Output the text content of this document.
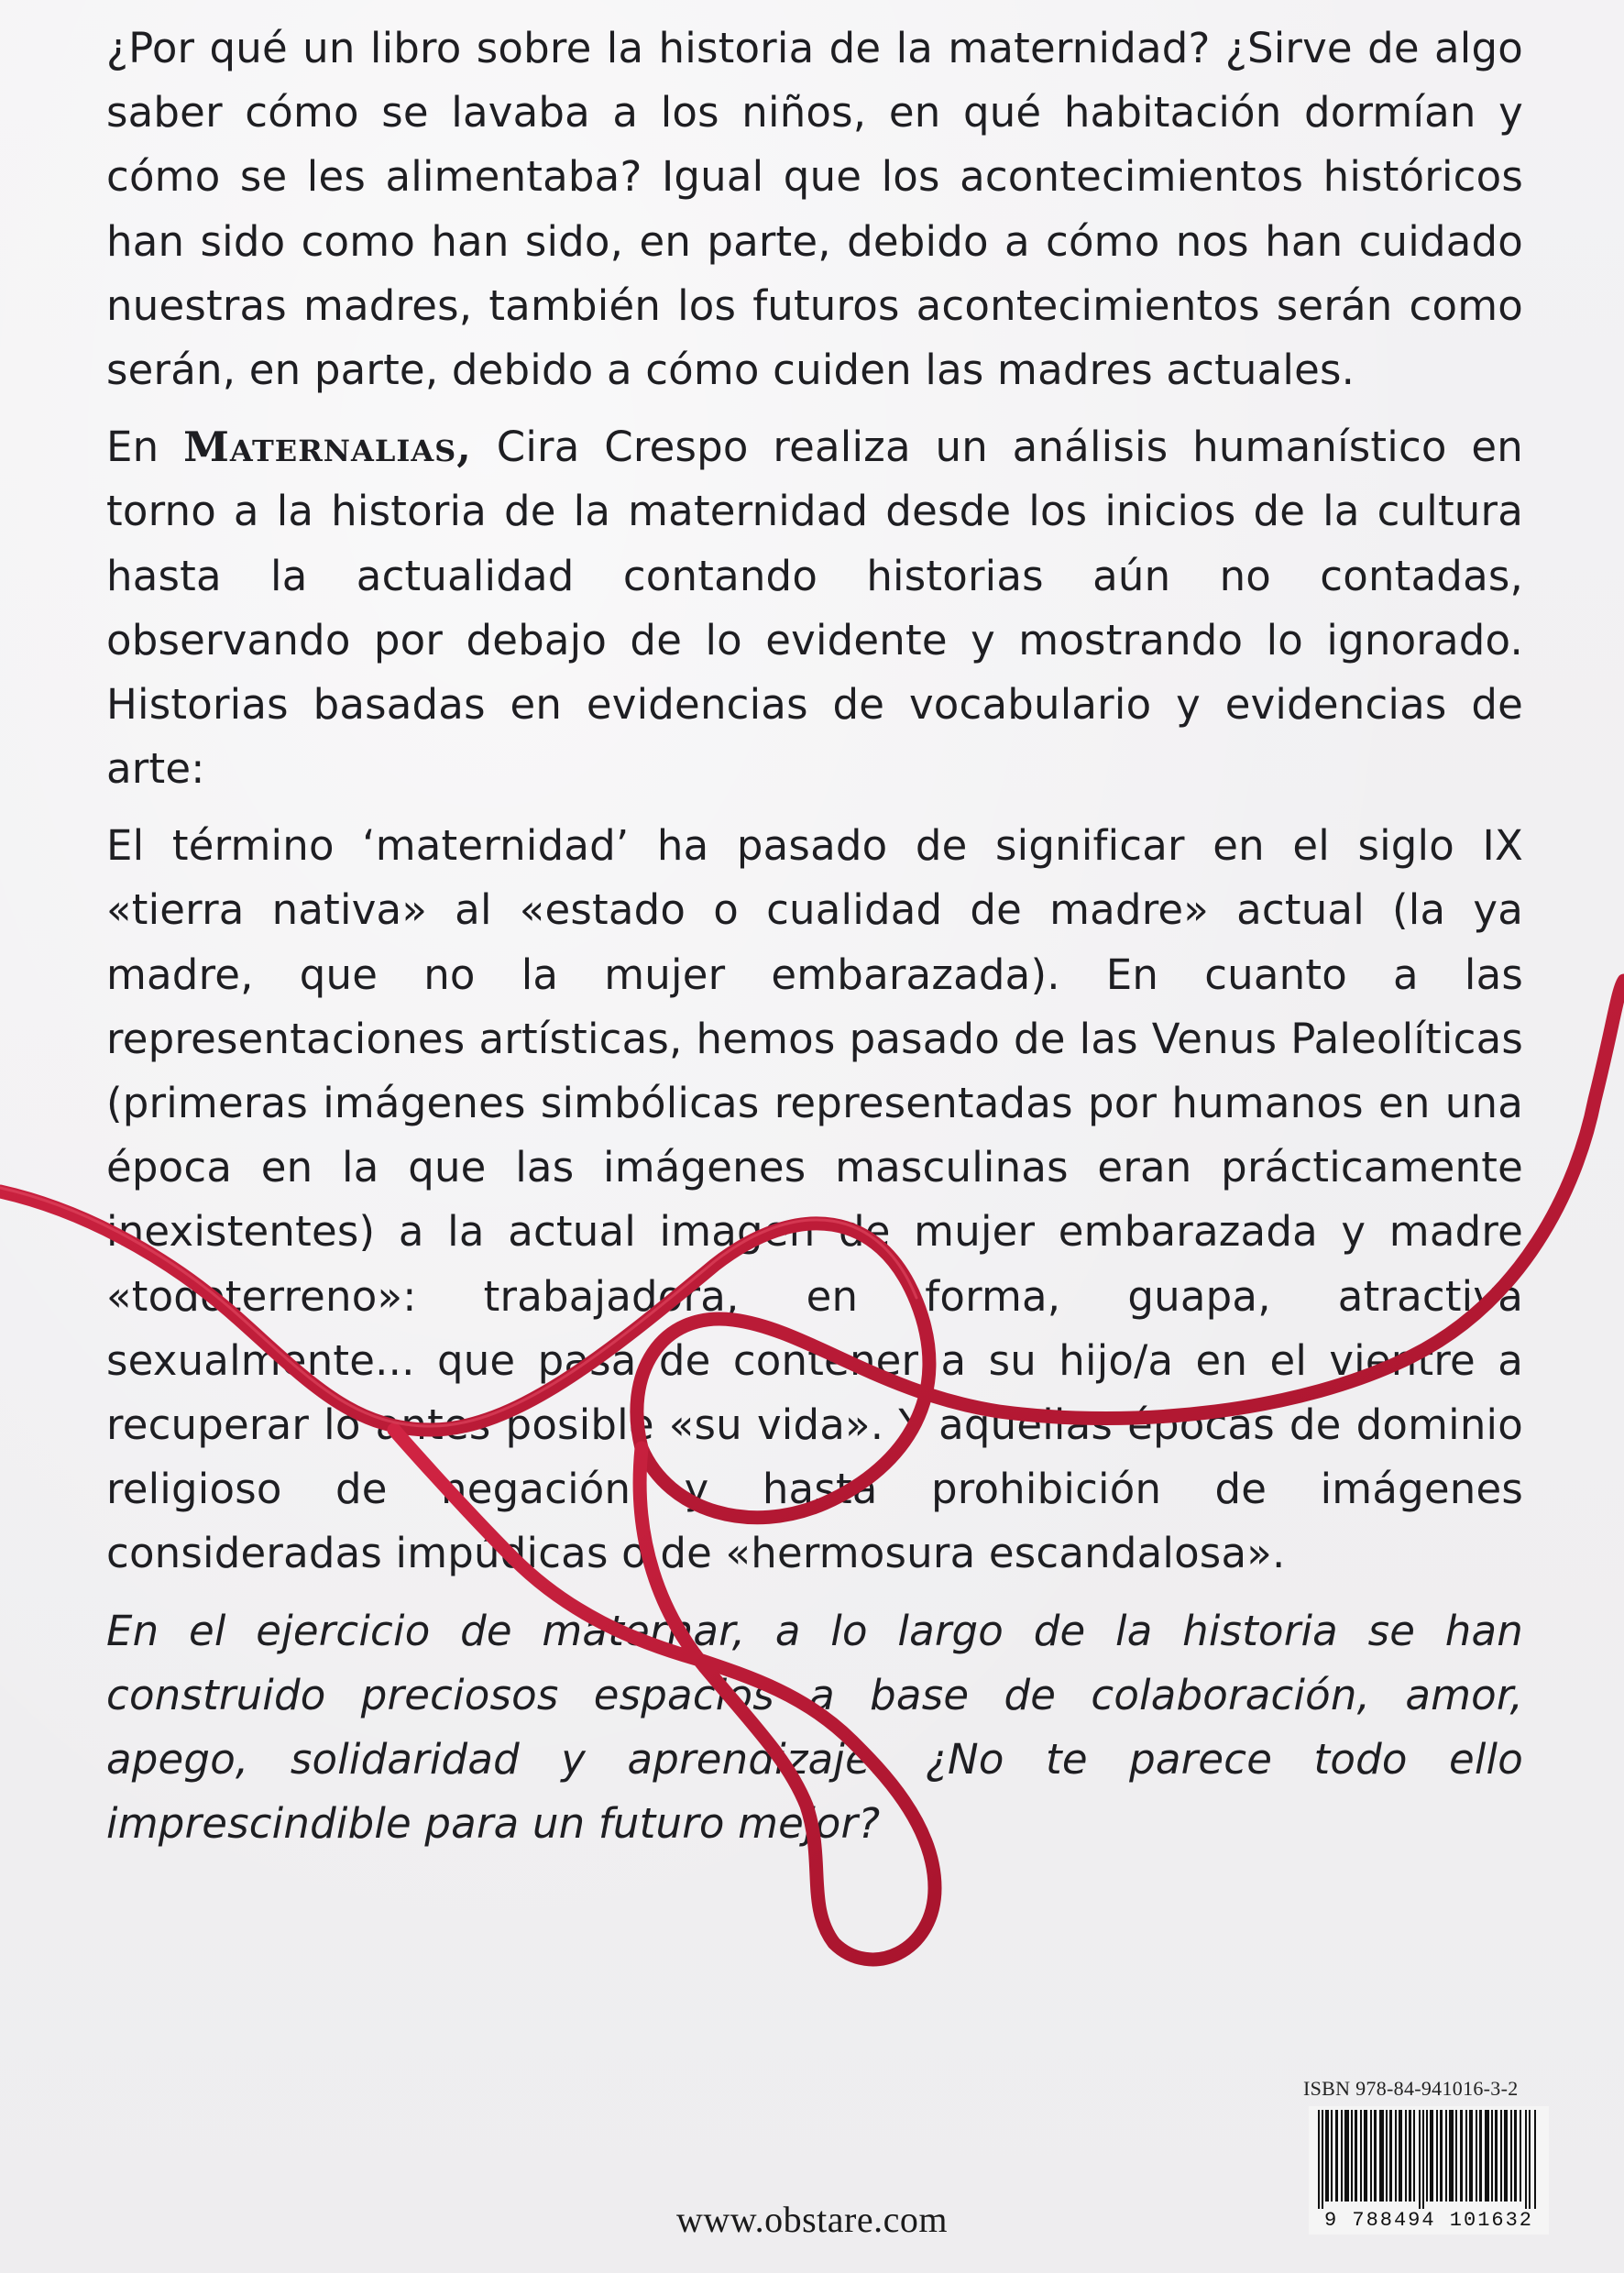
¿Por qué un libro sobre la historia de la maternidad? ¿Sirve de algo saber cómo se lavaba a los niños, en qué habitación dormían y cómo se les alimentaba? Igual que los acontecimientos históricos han sido como han sido, en parte, debido a cómo nos han cuidado nuestras madres, también los futuros acontecimientos serán como serán, en parte, debido a cómo cuiden las madres actuales.

En Maternalias, Cira Crespo realiza un análisis humanístico en torno a la historia de la maternidad desde los inicios de la cultura hasta la actualidad contando historias aún no contadas, observando por debajo de lo evidente y mostrando lo ignorado. Historias basadas en evidencias de vocabulario y evidencias de arte:

El término ‘maternidad’ ha pasado de significar en el siglo IX «tierra nativa» al «estado o cualidad de madre» actual (la ya madre, que no la mujer embarazada). En cuanto a las representaciones artísticas, hemos pasado de las Venus Paleolíticas (primeras imágenes simbólicas representadas por humanos en una época en la que las imágenes masculinas eran prácticamente inexistentes) a la actual imagen de mujer embarazada y madre «todoterreno»: trabajadora, en forma, guapa, atractiva sexualmente... que pasa de contener a su hijo/a en el vientre a recuperar lo antes posible «su vida». Y aquellas épocas de dominio religioso de negación y hasta prohibición de imágenes consideradas impúdicas o de «hermosura escandalosa».

En el ejercicio de maternar, a lo largo de la historia se han construido preciosos espacios a base de colaboración, amor, apego, solidaridad y aprendizaje. ¿No te parece todo ello imprescindible para un futuro mejor?

ISBN 978-84-941016-3-2
9 788494 101632
www.obstare.com
